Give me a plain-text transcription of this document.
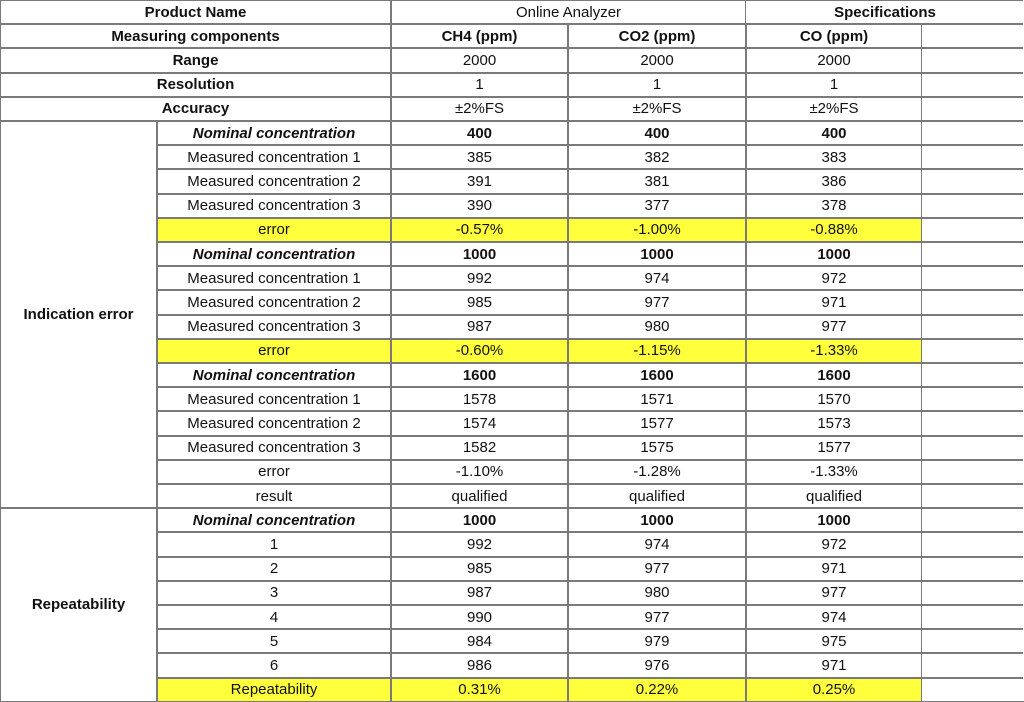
Product Name	Online Analyzer	Specifications
Measuring components	CH4 (ppm)	CO2 (ppm)	CO (ppm)
Range	2000	2000	2000
Resolution	1	1	1
Accuracy	±2%FS	±2%FS	±2%FS
Indication error
Nominal concentration	400	400	400
Measured concentration 1	385	382	383
Measured concentration 2	391	381	386
Measured concentration 3	390	377	378
error	-0.57%	-1.00%	-0.88%
Nominal concentration	1000	1000	1000
Measured concentration 1	992	974	972
Measured concentration 2	985	977	971
Measured concentration 3	987	980	977
error	-0.60%	-1.15%	-1.33%
Nominal concentration	1600	1600	1600
Measured concentration 1	1578	1571	1570
Measured concentration 2	1574	1577	1573
Measured concentration 3	1582	1575	1577
error	-1.10%	-1.28%	-1.33%
result	qualified	qualified	qualified
Repeatability
Nominal concentration	1000	1000	1000
1	992	974	972
2	985	977	971
3	987	980	977
4	990	977	974
5	984	979	975
6	986	976	971
Repeatability	0.31%	0.22%	0.25%
